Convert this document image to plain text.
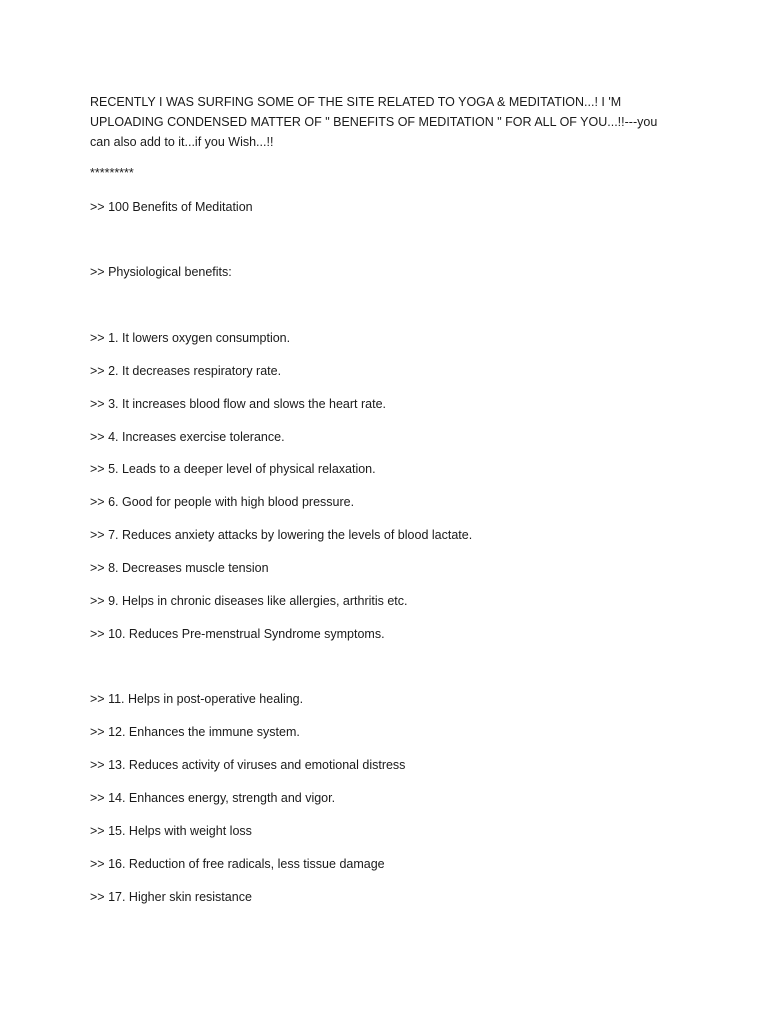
RECENTLY I WAS SURFING SOME OF THE SITE RELATED TO YOGA & MEDITATION...! I 'M UPLOADING CONDENSED MATTER OF " BENEFITS OF MEDITATION " FOR ALL OF YOU...!!---you can also add to it...if you Wish...!!

*********
>> 100 Benefits of Meditation
>> Physiological benefits:
>> 1. It lowers oxygen consumption.
>> 2. It decreases respiratory rate.
>> 3. It increases blood flow and slows the heart rate.
>> 4. Increases exercise tolerance.
>> 5. Leads to a deeper level of physical relaxation.
>> 6. Good for people with high blood pressure.
>> 7. Reduces anxiety attacks by lowering the levels of blood lactate.
>> 8. Decreases muscle tension
>> 9. Helps in chronic diseases like allergies, arthritis etc.
>> 10. Reduces Pre-menstrual Syndrome symptoms.
>> 11. Helps in post-operative healing.
>> 12. Enhances the immune system.
>> 13. Reduces activity of viruses and emotional distress
>> 14. Enhances energy, strength and vigor.
>> 15. Helps with weight loss
>> 16. Reduction of free radicals, less tissue damage
>> 17. Higher skin resistance
